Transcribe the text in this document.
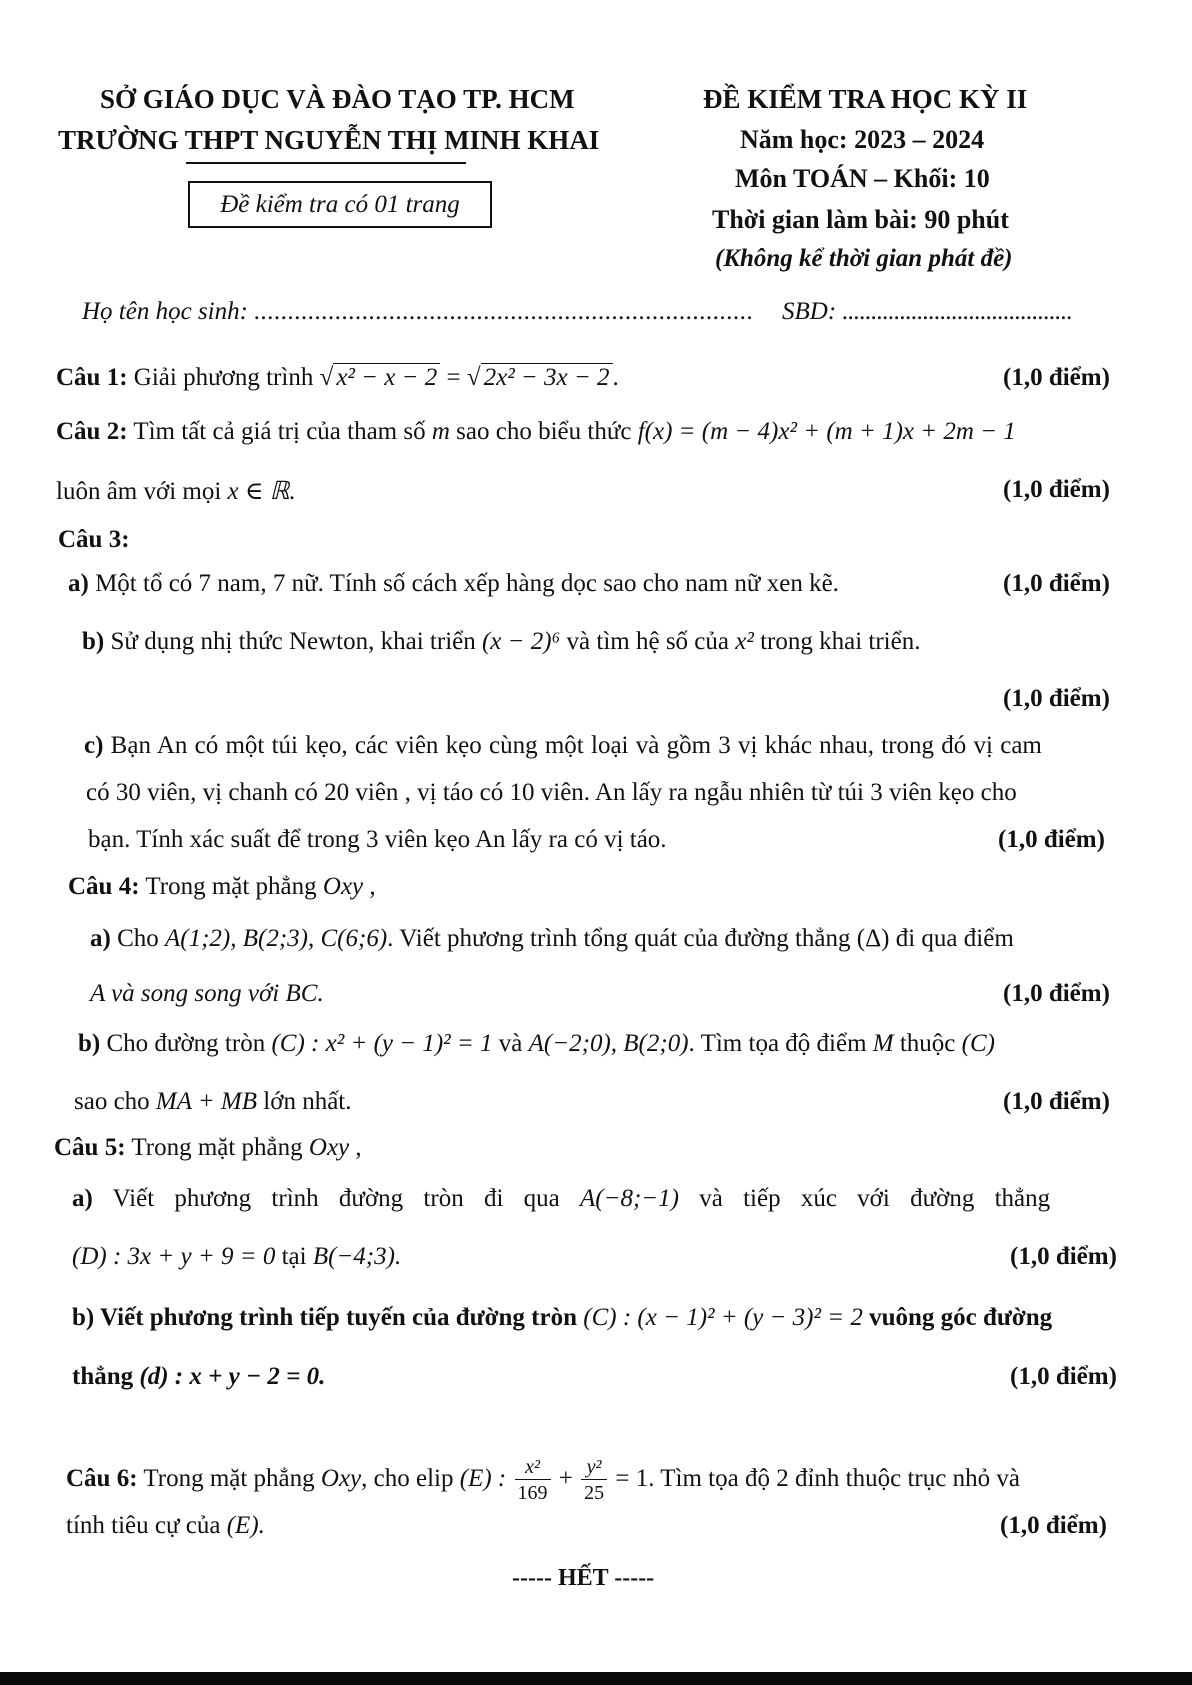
SỞ GIÁO DỤC VÀ ĐÀO TẠO TP. HCM
TRƯỜNG THPT NGUYỄN THỊ MINH KHAI
Đề kiểm tra có 01 trang
ĐỀ KIỂM TRA HỌC KỲ II
Năm học: 2023 – 2024
Môn TOÁN – Khối: 10
Thời gian làm bài: 90 phút
(Không kể thời gian phát đề)
Họ tên học sinh: .......................................................................... SBD: ........................................
Câu 1: Giải phương trình √ x² − x − 2 = √ 2x² − 3x − 2 .	(1,0 điểm)
Câu 2: Tìm tất cả giá trị của tham số m sao cho biểu thức f(x) = (m − 4)x² + (m + 1)x + 2m − 1
luôn âm với mọi x ∈ ℝ.	(1,0 điểm)
Câu 3:
a) Một tổ có 7 nam, 7 nữ. Tính số cách xếp hàng dọc sao cho nam nữ xen kẽ.	(1,0 điểm)
b) Sử dụng nhị thức Newton, khai triển (x − 2)⁶ và tìm hệ số của x² trong khai triển.
(1,0 điểm)
c) Bạn An có một túi kẹo, các viên kẹo cùng một loại và gồm 3 vị khác nhau, trong đó vị cam
có 30 viên, vị chanh có 20 viên , vị táo có 10 viên. An lấy ra ngẫu nhiên từ túi 3 viên kẹo cho
bạn. Tính xác suất để trong 3 viên kẹo An lấy ra có vị táo.	(1,0 điểm)
Câu 4: Trong mặt phẳng Oxy ,
a) Cho A(1;2), B(2;3), C(6;6). Viết phương trình tổng quát của đường thẳng (Δ) đi qua điểm
A và song song với BC.	(1,0 điểm)
b) Cho đường tròn (C) : x² + (y − 1)² = 1 và A(−2;0), B(2;0). Tìm tọa độ điểm M thuộc (C)
sao cho MA + MB lớn nhất.	(1,0 điểm)
Câu 5: Trong mặt phẳng Oxy ,
a) Viết phương trình đường tròn đi qua A(−8;−1) và tiếp xúc với đường thẳng
(D) : 3x + y + 9 = 0 tại B(−4;3).	(1,0 điểm)
b) Viết phương trình tiếp tuyến của đường tròn (C) : (x − 1)² + (y − 3)² = 2 vuông góc đường
thẳng (d) : x + y − 2 = 0.	(1,0 điểm)
Câu 6: Trong mặt phẳng Oxy, cho elip (E) : $\frac{\text{x²}}{169} + \frac{\text{y²}}{25} = 1$. Tìm tọa độ 2 đỉnh thuộc trục nhỏ và
tính tiêu cự của (E).	(1,0 điểm)
----- HẾT -----
